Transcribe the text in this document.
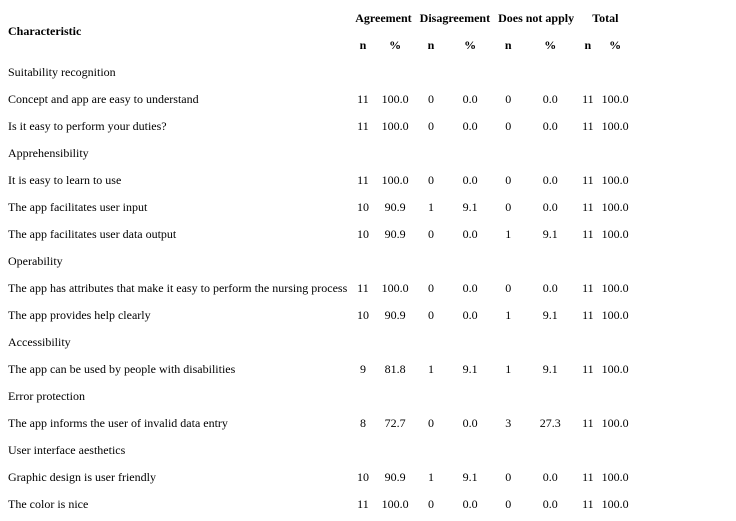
Characteristic	Agreement		Disagreement		Does not apply		Total	
	n	%	n	%	n	%	n	%
Suitability recognition								
Concept and app are easy to understand	11	100.0	0	0.0	0	0.0	11	100.0
Is it easy to perform your duties?	11	100.0	0	0.0	0	0.0	11	100.0
Apprehensibility								
It is easy to learn to use	11	100.0	0	0.0	0	0.0	11	100.0
The app facilitates user input	10	90.9	1	9.1	0	0.0	11	100.0
The app facilitates user data output	10	90.9	0	0.0	1	9.1	11	100.0
Operability								
The app has attributes that make it easy to perform the nursing process	11	100.0	0	0.0	0	0.0	11	100.0
The app provides help clearly	10	90.9	0	0.0	1	9.1	11	100.0
Accessibility								
The app can be used by people with disabilities	9	81.8	1	9.1	1	9.1	11	100.0
Error protection								
The app informs the user of invalid data entry	8	72.7	0	0.0	3	27.3	11	100.0
User interface aesthetics								
Graphic design is user friendly	10	90.9	1	9.1	0	0.0	11	100.0
The color is nice	11	100.0	0	0.0	0	0.0	11	100.0
